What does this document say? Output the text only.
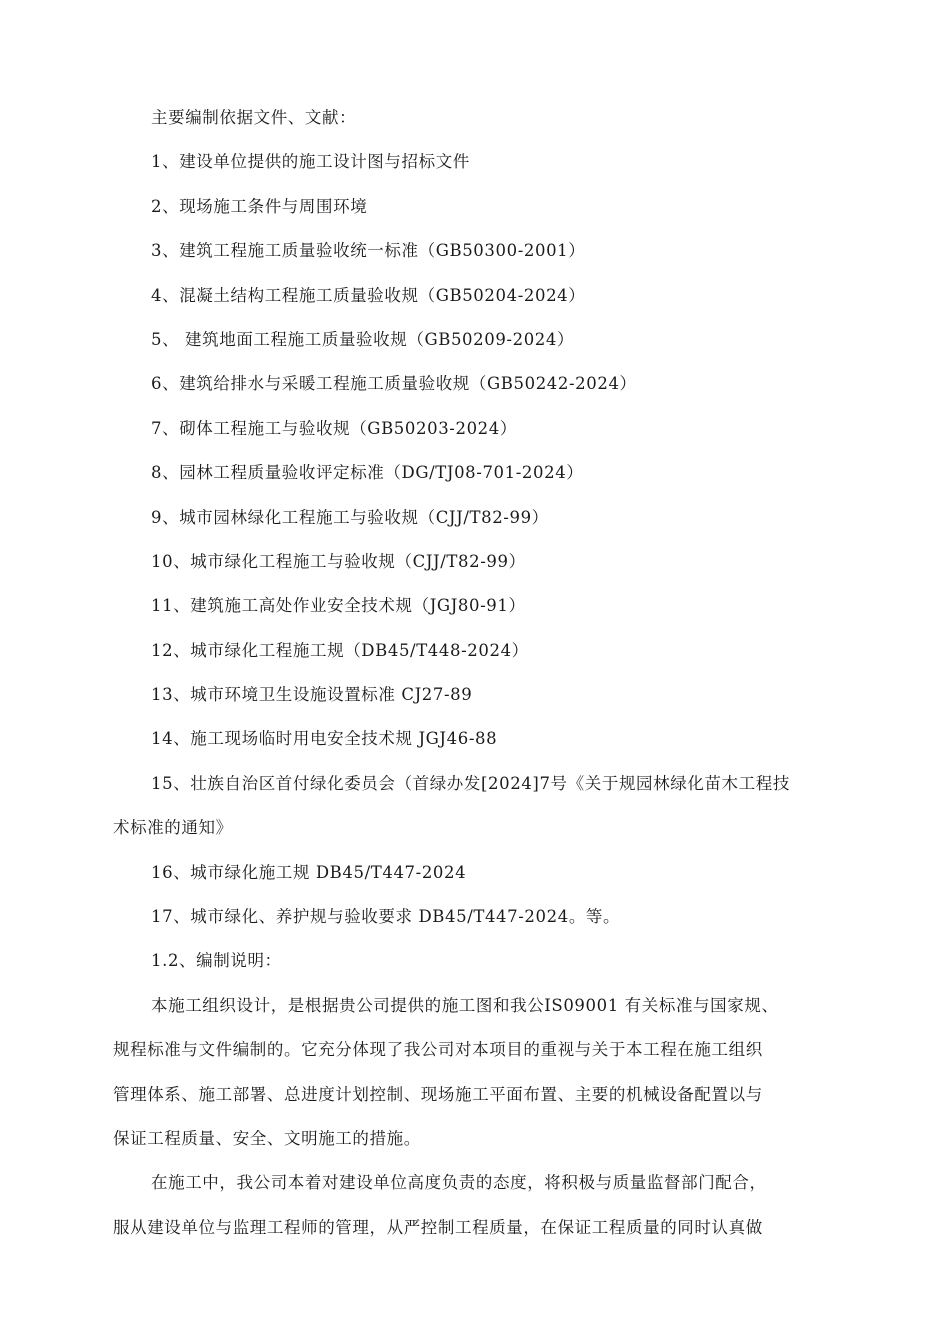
主要编制依据文件、文献：
1、建设单位提供的施工设计图与招标文件
2、现场施工条件与周围环境
3、建筑工程施工质量验收统一标准（GB50300-2001）
4、混凝土结构工程施工质量验收规（GB50204-2024）
5、 建筑地面工程施工质量验收规（GB50209-2024）
6、建筑给排水与采暖工程施工质量验收规（GB50242-2024）
7、砌体工程施工与验收规（GB50203-2024）
8、园林工程质量验收评定标准（DG/TJ08-701-2024）
9、城市园林绿化工程施工与验收规（CJJ/T82-99）
10、城市绿化工程施工与验收规（CJJ/T82-99）
11、建筑施工高处作业安全技术规（JGJ80-91）
12、城市绿化工程施工规（DB45/T448-2024）
13、城市环境卫生设施设置标准 CJ27-89
14、施工现场临时用电安全技术规 JGJ46-88
15、壮族自治区首付绿化委员会（首绿办发[2024]7号《关于规园林绿化苗木工程技
术标准的通知》
16、城市绿化施工规 DB45/T447-2024
17、城市绿化、养护规与验收要求 DB45/T447-2024。等。
1.2、编制说明：
本施工组织设计，是根据贵公司提供的施工图和我公IS09001 有关标准与国家规、
规程标准与文件编制的。它充分体现了我公司对本项目的重视与关于本工程在施工组织
管理体系、施工部署、总进度计划控制、现场施工平面布置、主要的机械设备配置以与
保证工程质量、安全、文明施工的措施。
在施工中，我公司本着对建设单位高度负责的态度，将积极与质量监督部门配合，
服从建设单位与监理工程师的管理，从严控制工程质量，在保证工程质量的同时认真做
